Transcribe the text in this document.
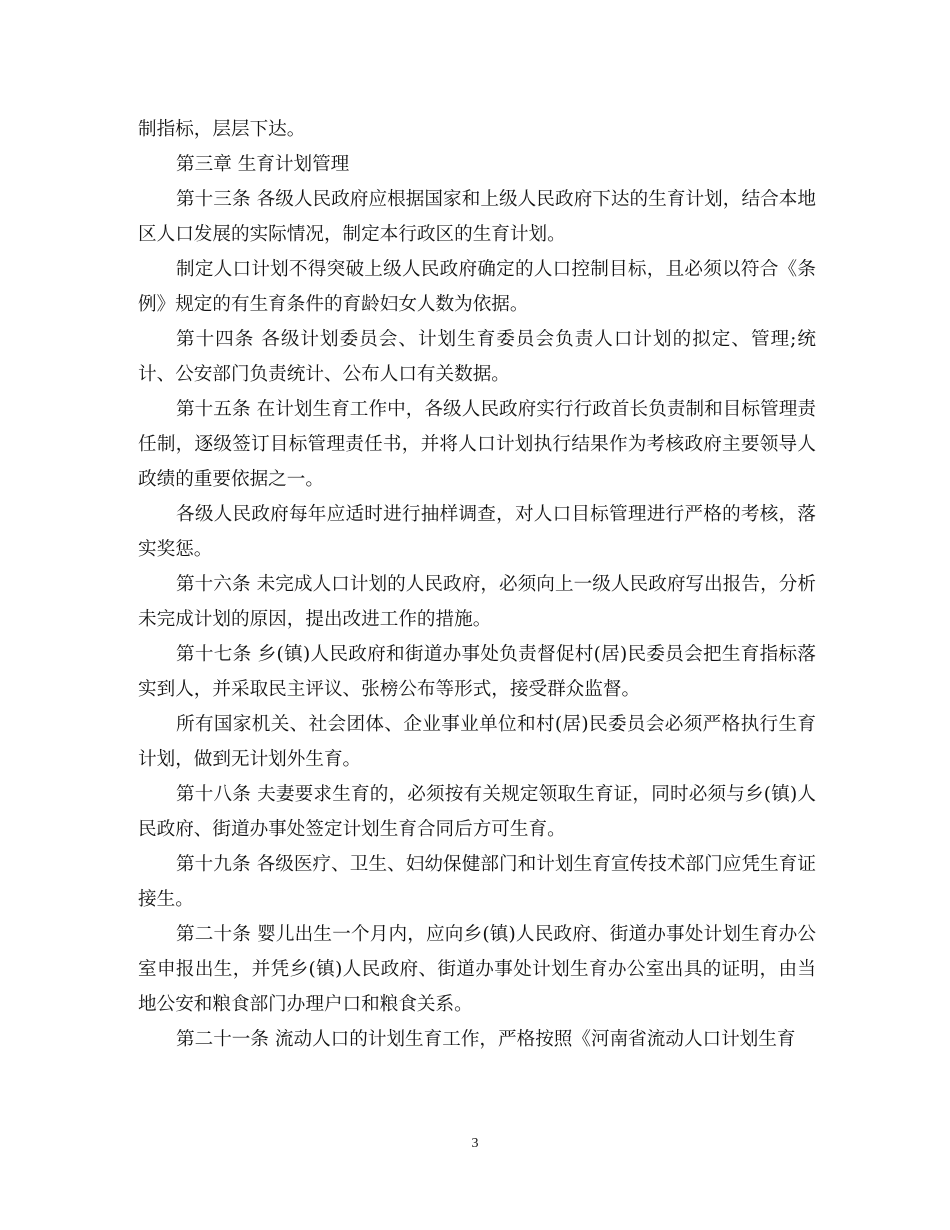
制指标，层层下达。

第三章 生育计划管理

第十三条 各级人民政府应根据国家和上级人民政府下达的生育计划，结合本地区人口发展的实际情况，制定本行政区的生育计划。

制定人口计划不得突破上级人民政府确定的人口控制目标，且必须以符合《条例》规定的有生育条件的育龄妇女人数为依据。

第十四条 各级计划委员会、计划生育委员会负责人口计划的拟定、管理;统计、公安部门负责统计、公布人口有关数据。

第十五条 在计划生育工作中，各级人民政府实行行政首长负责制和目标管理责任制，逐级签订目标管理责任书，并将人口计划执行结果作为考核政府主要领导人政绩的重要依据之一。

各级人民政府每年应适时进行抽样调查，对人口目标管理进行严格的考核，落实奖惩。

第十六条 未完成人口计划的人民政府，必须向上一级人民政府写出报告，分析未完成计划的原因，提出改进工作的措施。

第十七条 乡(镇)人民政府和街道办事处负责督促村(居)民委员会把生育指标落实到人，并采取民主评议、张榜公布等形式，接受群众监督。

所有国家机关、社会团体、企业事业单位和村(居)民委员会必须严格执行生育计划，做到无计划外生育。

第十八条 夫妻要求生育的，必须按有关规定领取生育证，同时必须与乡(镇)人民政府、街道办事处签定计划生育合同后方可生育。

第十九条 各级医疗、卫生、妇幼保健部门和计划生育宣传技术部门应凭生育证接生。

第二十条 婴儿出生一个月内，应向乡(镇)人民政府、街道办事处计划生育办公室申报出生，并凭乡(镇)人民政府、街道办事处计划生育办公室出具的证明，由当地公安和粮食部门办理户口和粮食关系。

第二十一条 流动人口的计划生育工作，严格按照《河南省流动人口计划生育

3
